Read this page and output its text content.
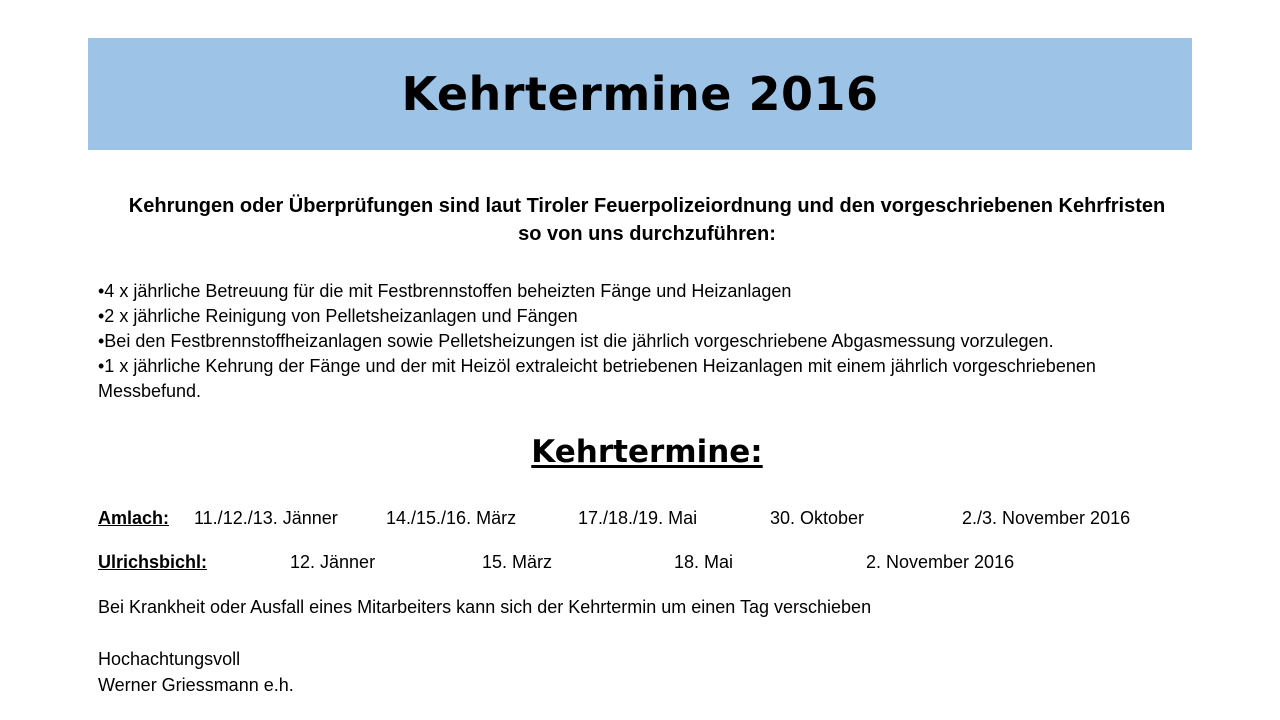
Kehrtermine 2016
Kehrungen oder Überprüfungen sind laut Tiroler Feuerpolizeiordnung und den vorgeschriebenen Kehrfristen
so von uns durchzuführen:
•4 x jährliche Betreuung für die mit Festbrennstoffen beheizten Fänge und Heizanlagen
•2 x jährliche Reinigung von Pelletsheizanlagen und Fängen
•Bei den Festbrennstoffheizanlagen sowie Pelletsheizungen ist die jährlich vorgeschriebene Abgasmessung vorzulegen.
•1 x jährliche Kehrung der Fänge und der mit Heizöl extraleicht betriebenen Heizanlagen mit einem jährlich vorgeschriebenen Messbefund.
Kehrtermine:
Amlach: 11./12./13. Jänner	14./15./16. März	17./18./19. Mai	30. Oktober	2./3. November 2016
Ulrichsbichl:	12. Jänner	15. März	18. Mai	2. November 2016
Bei Krankheit oder Ausfall eines Mitarbeiters kann sich der Kehrtermin um einen Tag verschieben
Hochachtungsvoll
Werner Griessmann e.h.
